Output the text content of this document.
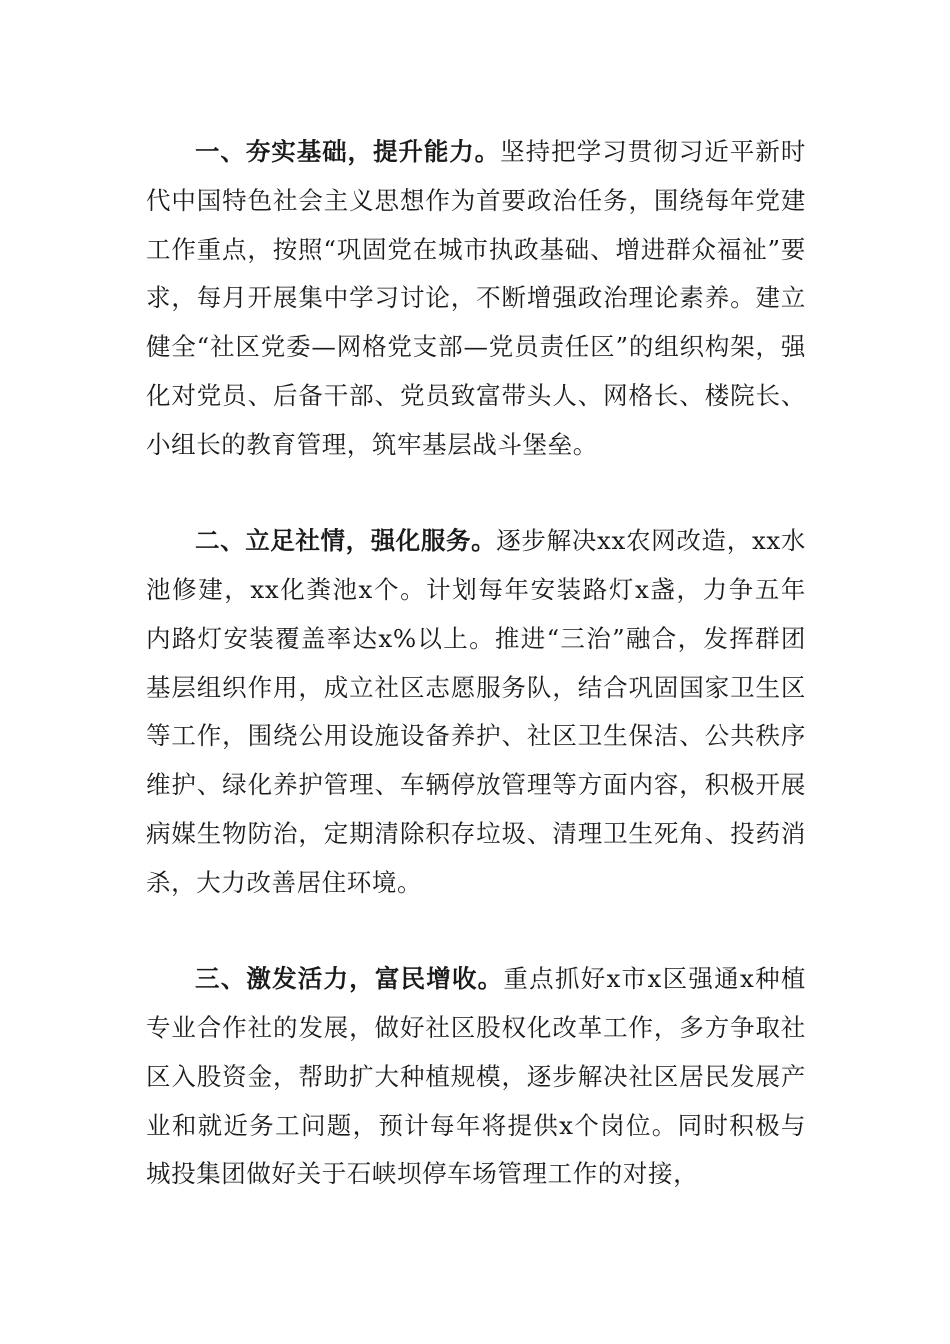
一、夯实基础，提升能力。坚持把学习贯彻习近平新时代中国特色社会主义思想作为首要政治任务，围绕每年党建工作重点，按照“巩固党在城市执政基础、增进群众福祉”要求，每月开展集中学习讨论，不断增强政治理论素养。建立健全“社区党委—网格党支部—党员责任区”的组织构架，强化对党员、后备干部、党员致富带头人、网格长、楼院长、小组长的教育管理，筑牢基层战斗堡垒。

二、立足社情，强化服务。逐步解决xx农网改造，xx水池修建，xx化粪池x个。计划每年安装路灯x盏，力争五年内路灯安装覆盖率达x%以上。推进“三治”融合，发挥群团基层组织作用，成立社区志愿服务队，结合巩固国家卫生区等工作，围绕公用设施设备养护、社区卫生保洁、公共秩序维护、绿化养护管理、车辆停放管理等方面内容，积极开展病媒生物防治，定期清除积存垃圾、清理卫生死角、投药消杀，大力改善居住环境。

三、激发活力，富民增收。重点抓好x市x区强通x种植专业合作社的发展，做好社区股权化改革工作，多方争取社区入股资金，帮助扩大种植规模，逐步解决社区居民发展产业和就近务工问题，预计每年将提供x个岗位。同时积极与城投集团做好关于石峡坝停车场管理工作的对接，
